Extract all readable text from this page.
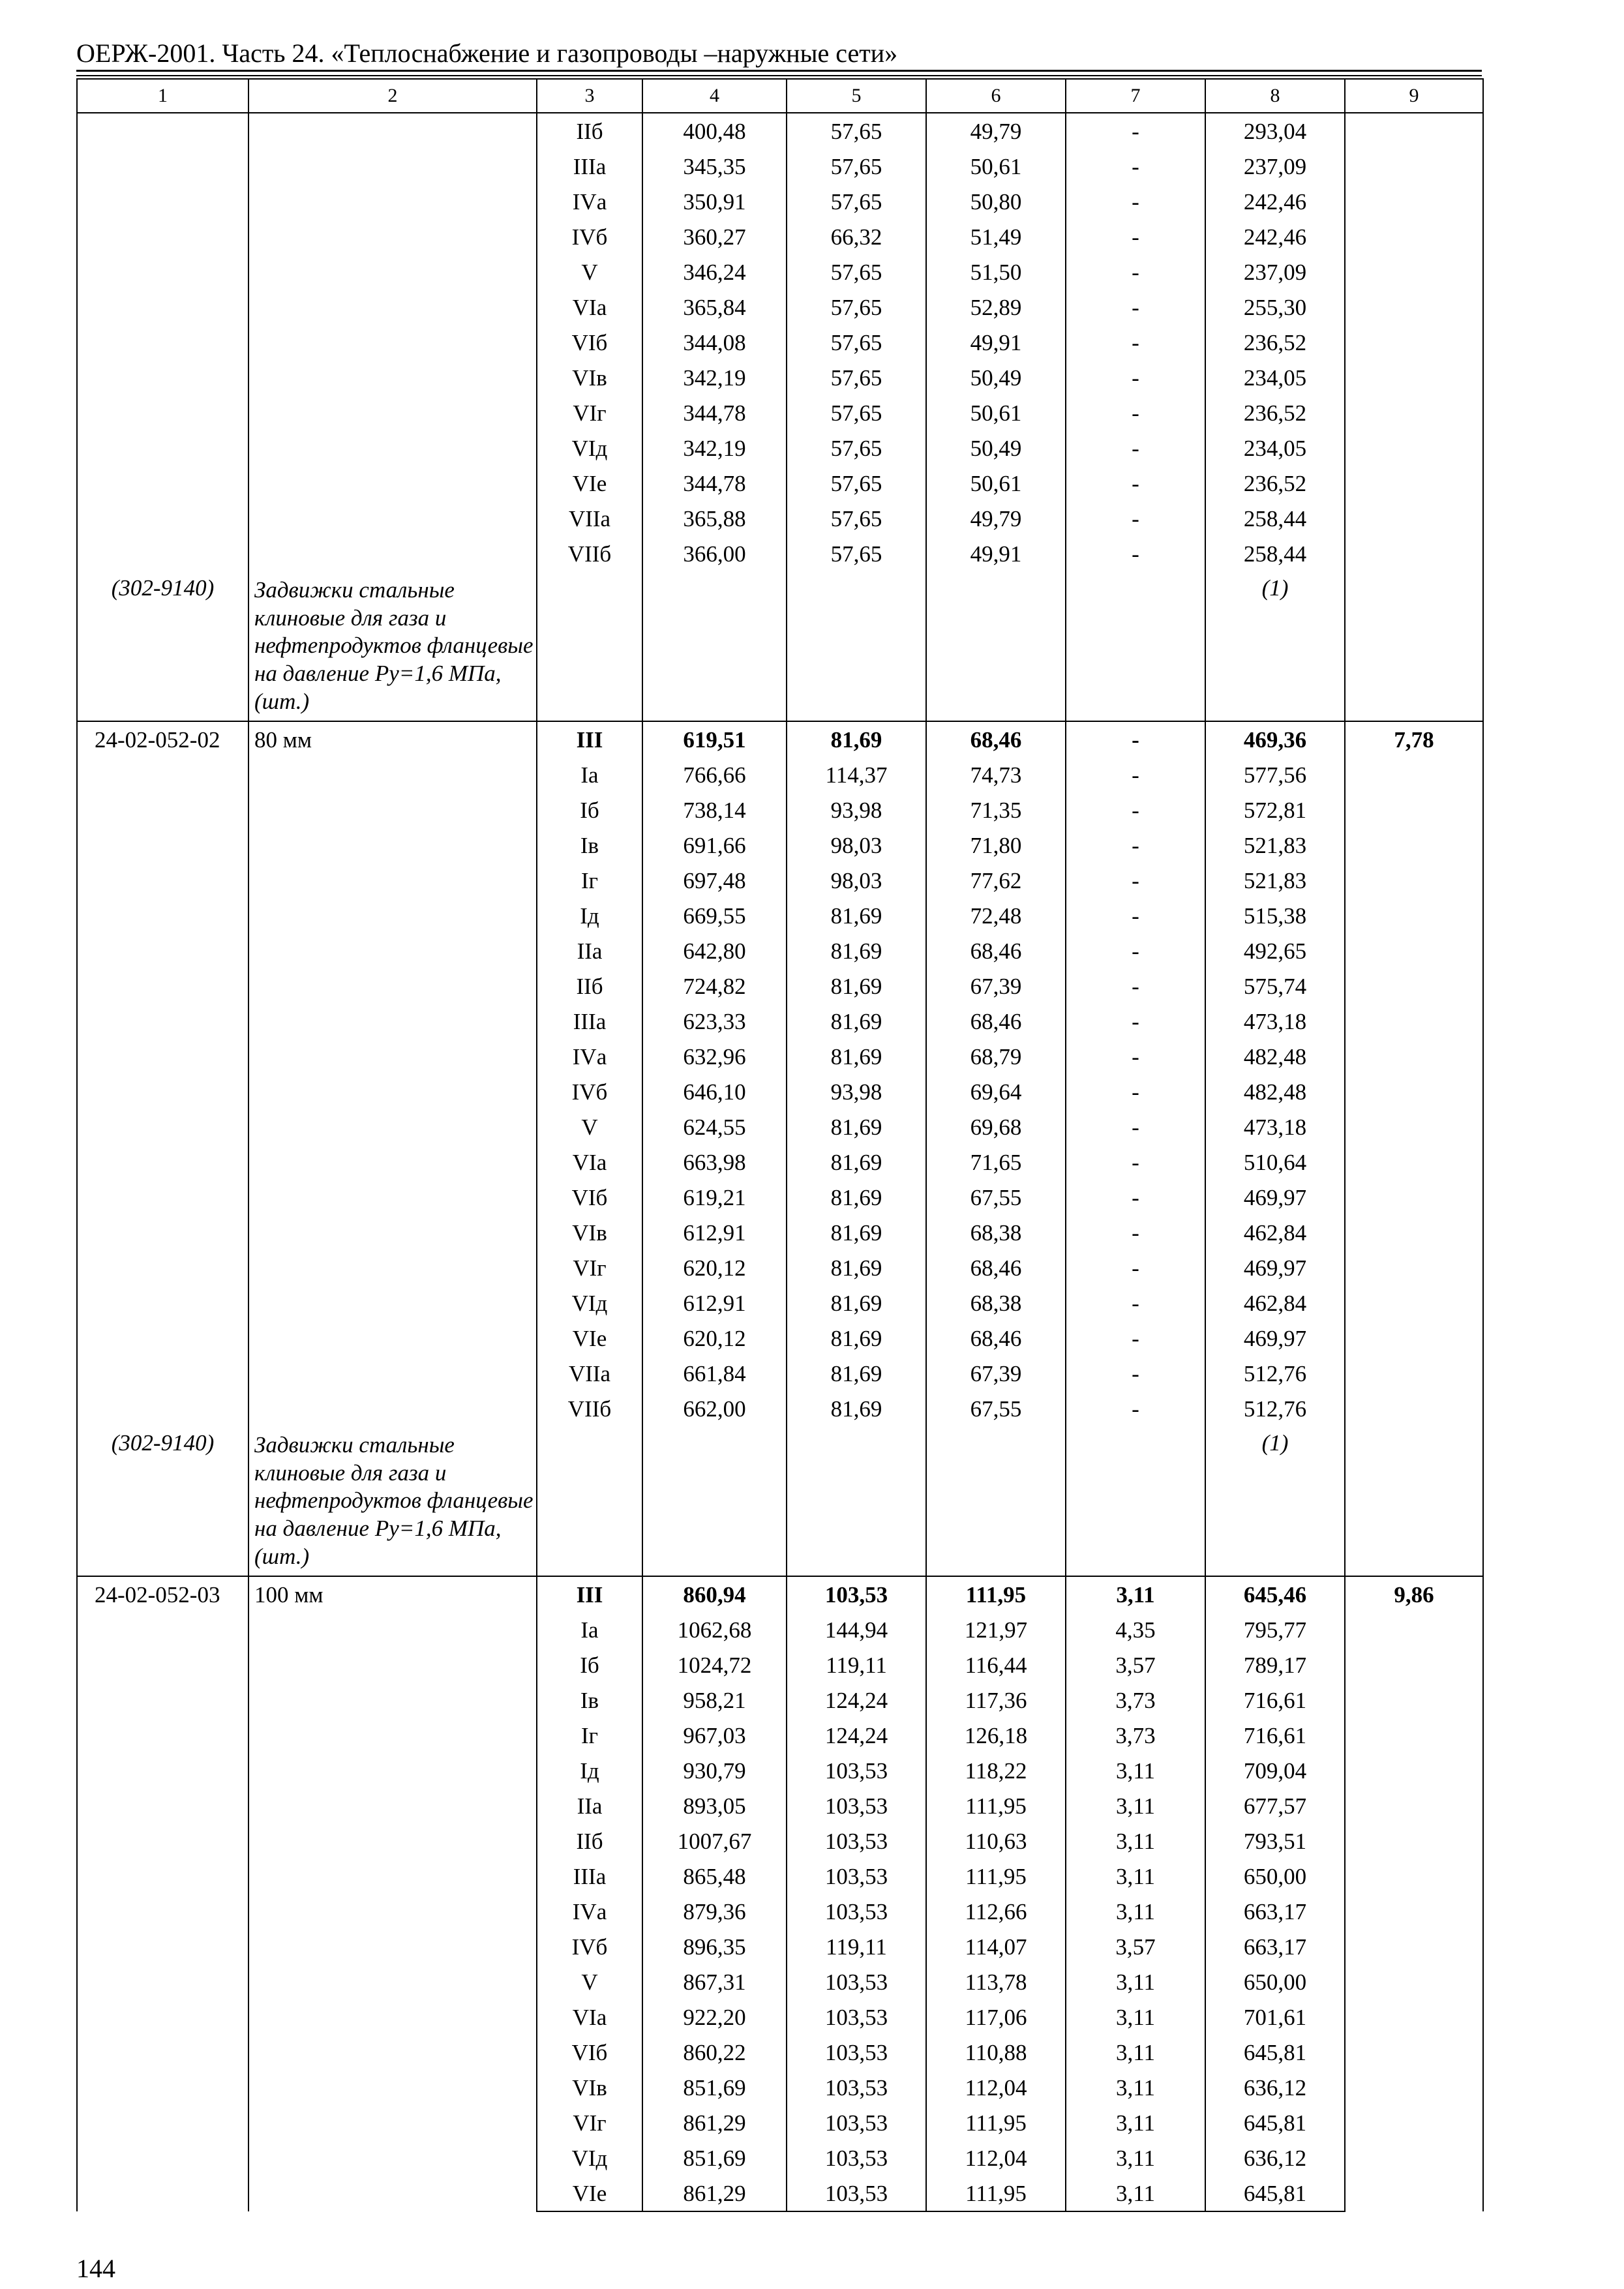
ОЕРЖ-2001. Часть 24. «Теплоснабжение и газопроводы –наружные сети»
1	2	3	4	5	6	7	8	9
		IIб	400,48	57,65	49,79	-	293,04	
		IIIа	345,35	57,65	50,61	-	237,09	
		IVа	350,91	57,65	50,80	-	242,46	
		IVб	360,27	66,32	51,49	-	242,46	
		V	346,24	57,65	51,50	-	237,09	
		VIа	365,84	57,65	52,89	-	255,30	
		VIб	344,08	57,65	49,91	-	236,52	
		VIв	342,19	57,65	50,49	-	234,05	
		VIг	344,78	57,65	50,61	-	236,52	
		VIд	342,19	57,65	50,49	-	234,05	
		VIе	344,78	57,65	50,61	-	236,52	
		VIIа	365,88	57,65	49,79	-	258,44	
		VIIб	366,00	57,65	49,91	-	258,44	
(302-9140)	Задвижки стальные клиновые для газа и нефтепродуктов фланцевые на давление Ру=1,6 МПа, (шт.)						(1)	
24-02-052-02	80 мм	III	619,51	81,69	68,46	-	469,36	7,78
		Iа	766,66	114,37	74,73	-	577,56	
		Iб	738,14	93,98	71,35	-	572,81	
		Iв	691,66	98,03	71,80	-	521,83	
		Iг	697,48	98,03	77,62	-	521,83	
		Iд	669,55	81,69	72,48	-	515,38	
		IIа	642,80	81,69	68,46	-	492,65	
		IIб	724,82	81,69	67,39	-	575,74	
		IIIа	623,33	81,69	68,46	-	473,18	
		IVа	632,96	81,69	68,79	-	482,48	
		IVб	646,10	93,98	69,64	-	482,48	
		V	624,55	81,69	69,68	-	473,18	
		VIа	663,98	81,69	71,65	-	510,64	
		VIб	619,21	81,69	67,55	-	469,97	
		VIв	612,91	81,69	68,38	-	462,84	
		VIг	620,12	81,69	68,46	-	469,97	
		VIд	612,91	81,69	68,38	-	462,84	
		VIе	620,12	81,69	68,46	-	469,97	
		VIIа	661,84	81,69	67,39	-	512,76	
		VIIб	662,00	81,69	67,55	-	512,76	
(302-9140)	Задвижки стальные клиновые для газа и нефтепродуктов фланцевые на давление Ру=1,6 МПа, (шт.)						(1)	
24-02-052-03	100 мм	III	860,94	103,53	111,95	3,11	645,46	9,86
		Iа	1062,68	144,94	121,97	4,35	795,77	
		Iб	1024,72	119,11	116,44	3,57	789,17	
		Iв	958,21	124,24	117,36	3,73	716,61	
		Iг	967,03	124,24	126,18	3,73	716,61	
		Iд	930,79	103,53	118,22	3,11	709,04	
		IIа	893,05	103,53	111,95	3,11	677,57	
		IIб	1007,67	103,53	110,63	3,11	793,51	
		IIIа	865,48	103,53	111,95	3,11	650,00	
		IVа	879,36	103,53	112,66	3,11	663,17	
		IVб	896,35	119,11	114,07	3,57	663,17	
		V	867,31	103,53	113,78	3,11	650,00	
		VIа	922,20	103,53	117,06	3,11	701,61	
		VIб	860,22	103,53	110,88	3,11	645,81	
		VIв	851,69	103,53	112,04	3,11	636,12	
		VIг	861,29	103,53	111,95	3,11	645,81	
		VIд	851,69	103,53	112,04	3,11	636,12	
		VIе	861,29	103,53	111,95	3,11	645,81	
144
